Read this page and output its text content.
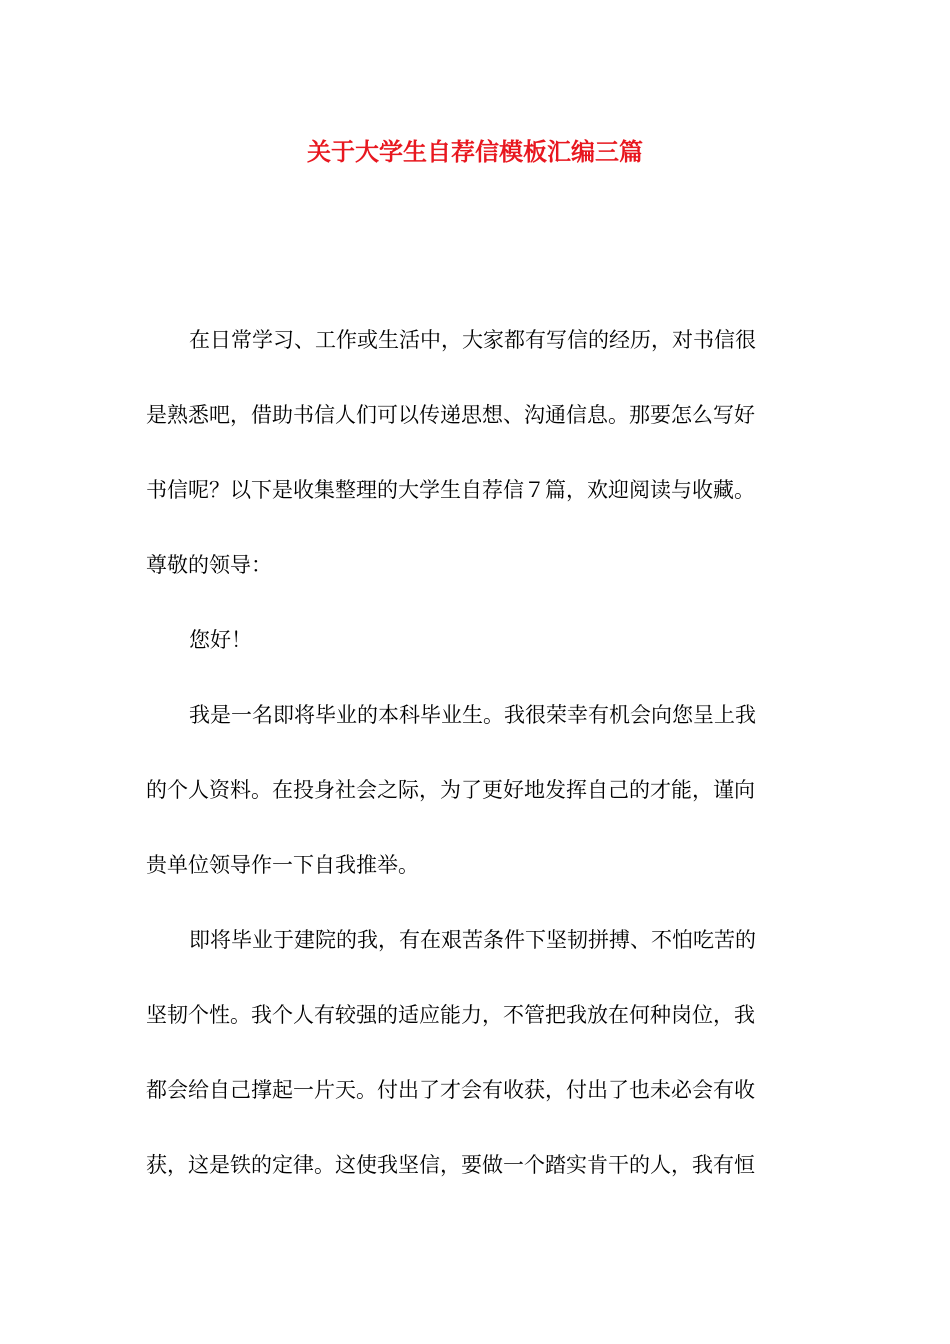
关于大学生自荐信模板汇编三篇
在日常学习、工作或生活中，大家都有写信的经历，对书信很
是熟悉吧，借助书信人们可以传递思想、沟通信息。那要怎么写好
书信呢？以下是收集整理的大学生自荐信７篇，欢迎阅读与收藏。
尊敬的领导：
您好！
我是一名即将毕业的本科毕业生。我很荣幸有机会向您呈上我
的个人资料。在投身社会之际，为了更好地发挥自己的才能，谨向
贵单位领导作一下自我推举。
即将毕业于建院的我，有在艰苦条件下坚韧拼搏、不怕吃苦的
坚韧个性。我个人有较强的适应能力，不管把我放在何种岗位，我
都会给自己撑起一片天。付出了才会有收获，付出了也未必会有收
获，这是铁的定律。这使我坚信，要做一个踏实肯干的人，我有恒
